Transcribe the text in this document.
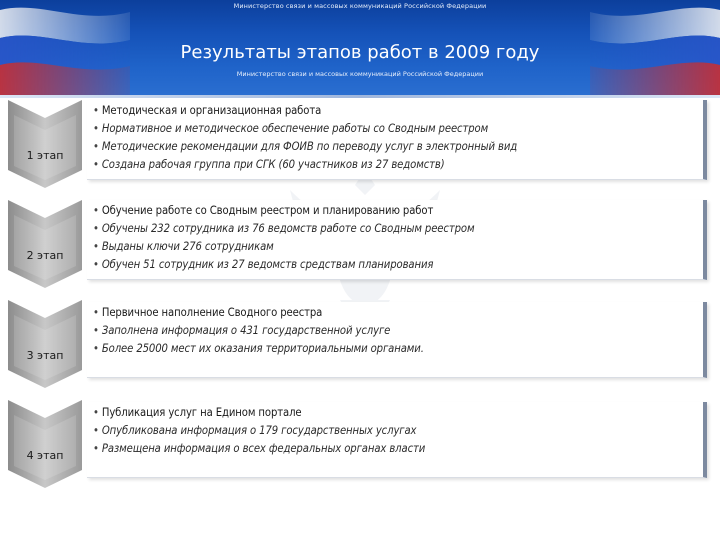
Министерство связи и массовых коммуникаций Российской Федерации
Результаты этапов работ в 2009 году
Министерство связи и массовых коммуникаций Российской Федерации
1 этап
• Методическая и организационная работа
• Нормативное и методическое обеспечение работы со Сводным реестром
• Методические рекомендации для ФОИВ по переводу услуг в электронный вид
• Создана рабочая группа при СГК (60 участников из 27 ведомств)
2 этап
• Обучение работе со Сводным реестром и планированию работ
• Обучены 232 сотрудника из 76 ведомств работе со Сводным реестром
• Выданы ключи 276 сотрудникам
• Обучен 51 сотрудник из 27 ведомств средствам планирования
3 этап
• Первичное наполнение Сводного реестра
• Заполнена информация о 431 государственной услуге
• Более 25000 мест их оказания территориальными органами.
4 этап
• Публикация услуг на Едином портале
• Опубликована информация о 179 государственных услугах
• Размещена информация о всех федеральных органах власти
